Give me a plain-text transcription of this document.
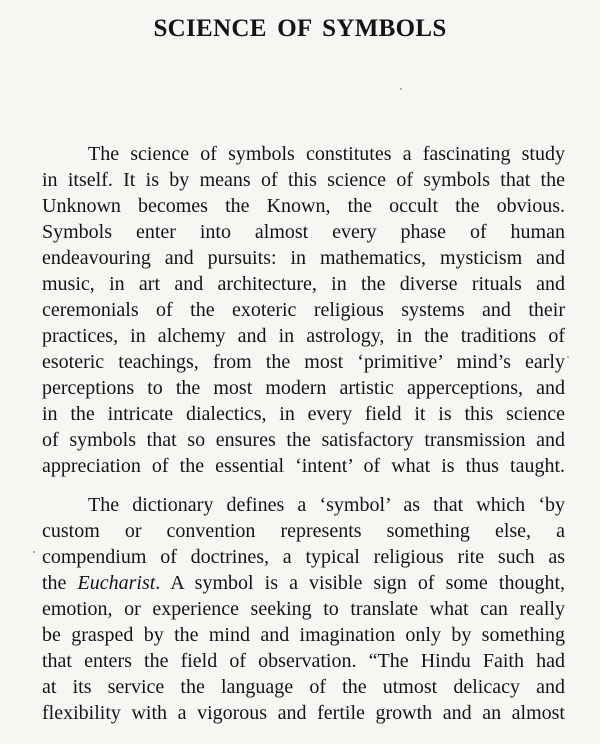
SCIENCE OF SYMBOLS
The science of symbols constitutes a fascinating study
in itself. It is by means of this science of symbols that the
Unknown becomes the Known, the occult the obvious.
Symbols enter into almost every phase of human
endeavouring and pursuits: in mathematics, mysticism and
music, in art and architecture, in the diverse rituals and
ceremonials of the exoteric religious systems and their
practices, in alchemy and in astrology, in the traditions of
esoteric teachings, from the most ‘primitive’ mind’s early
perceptions to the most modern artistic apperceptions, and
in the intricate dialectics, in every field it is this science
of symbols that so ensures the satisfactory transmission and
appreciation of the essential ‘intent’ of what is thus taught.
The dictionary defines a ‘symbol’ as that which ‘by
custom or convention represents something else, a
compendium of doctrines, a typical religious rite such as
the Eucharist. A symbol is a visible sign of some thought,
emotion, or experience seeking to translate what can really
be grasped by the mind and imagination only by something
that enters the field of observation. “The Hindu Faith had
at its service the language of the utmost delicacy and
flexibility with a vigorous and fertile growth and an almost
